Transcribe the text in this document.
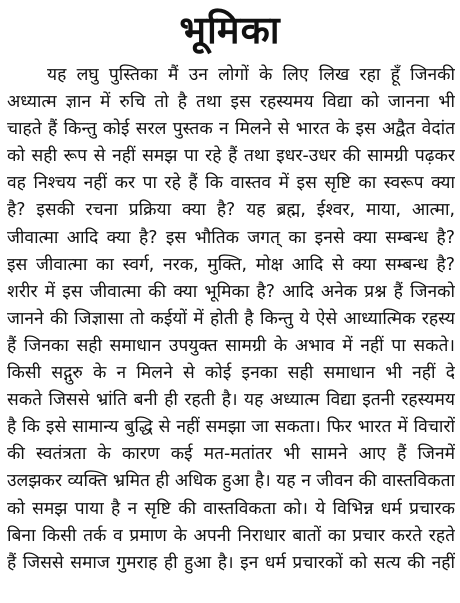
भूमिका
यह लघु पुस्तिका मैं उन लोगों के लिए लिख रहा हूँ जिनकी
अध्यात्म ज्ञान में रुचि तो है तथा इस रहस्यमय विद्या को जानना भी
चाहते हैं किन्तु कोई सरल पुस्तक न मिलने से भारत के इस अद्वैत वेदांत
को सही रूप से नहीं समझ पा रहे हैं तथा इधर-उधर की सामग्री पढ़कर
वह निश्चय नहीं कर पा रहे हैं कि वास्तव में इस सृष्टि का स्वरूप क्या
है? इसकी रचना प्रक्रिया क्या है? यह ब्रह्म, ईश्वर, माया, आत्मा,
जीवात्मा आदि क्या है? इस भौतिक जगत् का इनसे क्या सम्बन्ध है?
इस जीवात्मा का स्वर्ग, नरक, मुक्ति, मोक्ष आदि से क्या सम्बन्ध है?
शरीर में इस जीवात्मा की क्या भूमिका है? आदि अनेक प्रश्न हैं जिनको
जानने की जिज्ञासा तो कईयों में होती है किन्तु ये ऐसे आध्यात्मिक रहस्य
हैं जिनका सही समाधान उपयुक्त सामग्री के अभाव में नहीं पा सकते।
किसी सद्गुरु के न मिलने से कोई इनका सही समाधान भी नहीं दे
सकते जिससे भ्रांति बनी ही रहती है। यह अध्यात्म विद्या इतनी रहस्यमय
है कि इसे सामान्य बुद्धि से नहीं समझा जा सकता। फिर भारत में विचारों
की स्वतंत्रता के कारण कई मत-मतांतर भी सामने आए हैं जिनमें
उलझकर व्यक्ति भ्रमित ही अधिक हुआ है। यह न जीवन की वास्तविकता
को समझ पाया है न सृष्टि की वास्तविकता को। ये विभिन्न धर्म प्रचारक
बिना किसी तर्क व प्रमाण के अपनी निराधार बातों का प्रचार करते रहते
हैं जिससे समाज गुमराह ही हुआ है। इन धर्म प्रचारकों को सत्य की नहीं
